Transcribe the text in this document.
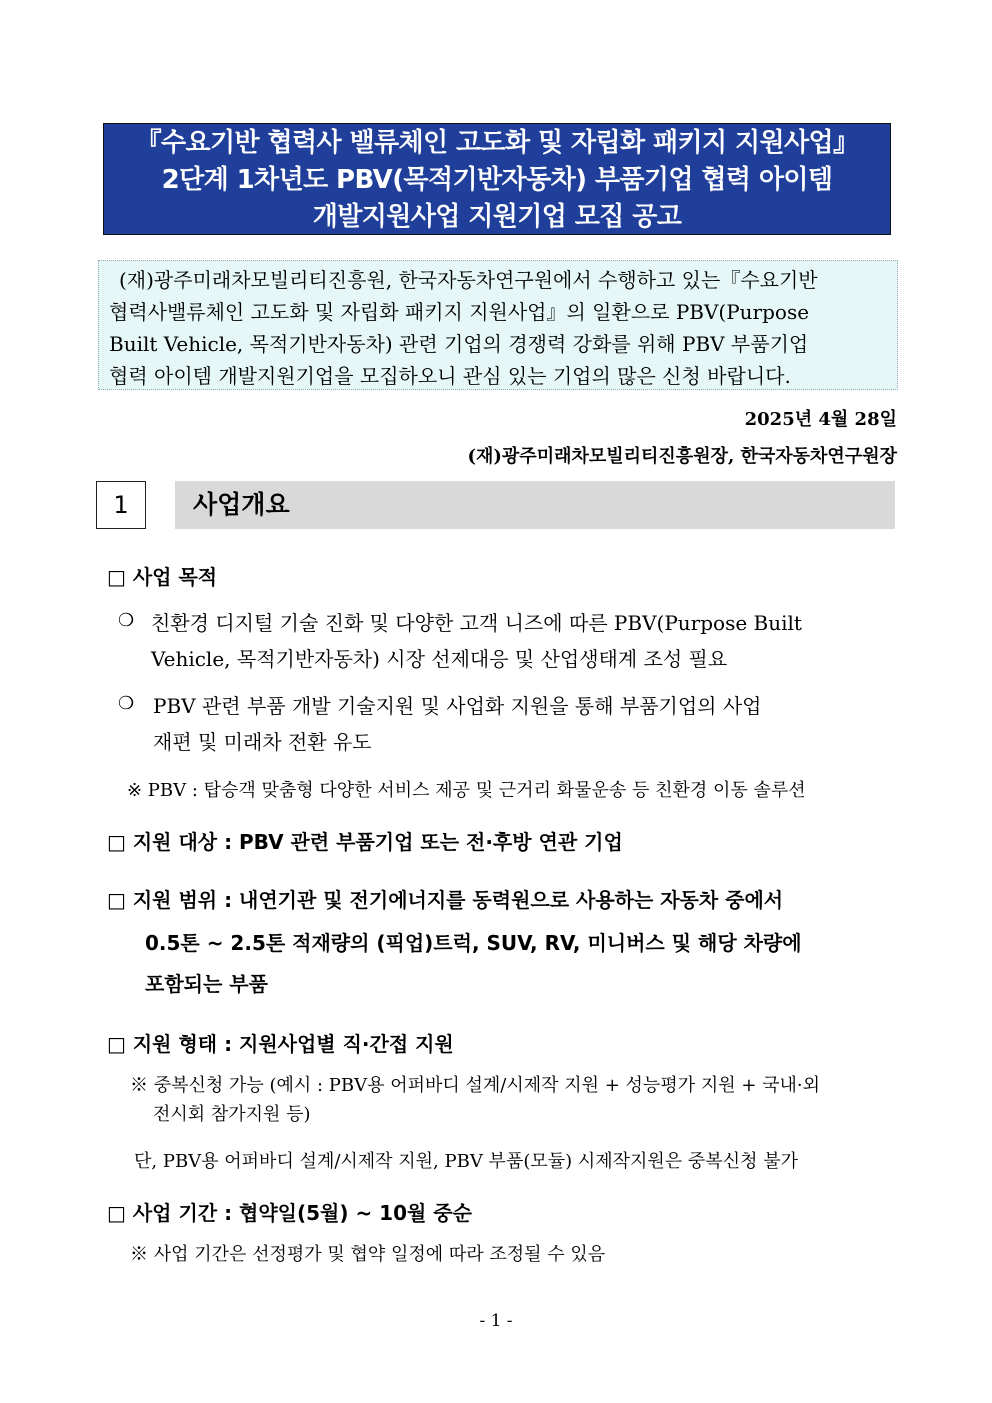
『수요기반 협력사 밸류체인 고도화 및 자립화 패키지 지원사업』
2단계 1차년도 PBV(목적기반자동차) 부품기업 협력 아이템
개발지원사업 지원기업 모집 공고
(재)광주미래차모빌리티진흥원, 한국자동차연구원에서 수행하고 있는『수요기반
협력사밸류체인 고도화 및 자립화 패키지 지원사업』의 일환으로 PBV(Purpose
Built Vehicle, 목적기반자동차) 관련 기업의 경쟁력 강화를 위해 PBV 부품기업
협력 아이템 개발지원기업을 모집하오니 관심 있는 기업의 많은 신청 바랍니다.
2025년 4월 28일
(재)광주미래차모빌리티진흥원장, 한국자동차연구원장
1	사업개요
□ 사업 목적
❍ 친환경 디지털 기술 진화 및 다양한 고객 니즈에 따른 PBV(Purpose Built
Vehicle, 목적기반자동차) 시장 선제대응 및 산업생태계 조성 필요
❍ PBV 관련 부품 개발 기술지원 및 사업화 지원을 통해 부품기업의 사업
재편 및 미래차 전환 유도
※ PBV : 탑승객 맞춤형 다양한 서비스 제공 및 근거리 화물운송 등 친환경 이동 솔루션
□ 지원 대상 : PBV 관련 부품기업 또는 전·후방 연관 기업
□ 지원 범위 : 내연기관 및 전기에너지를 동력원으로 사용하는 자동차 중에서
0.5톤 ~ 2.5톤 적재량의 (픽업)트럭, SUV, RV, 미니버스 및 해당 차량에
포함되는 부품
□ 지원 형태 : 지원사업별 직·간접 지원
※ 중복신청 가능 (예시 : PBV용 어퍼바디 설계/시제작 지원 + 성능평가 지원 + 국내·외
전시회 참가지원 등)
단, PBV용 어퍼바디 설계/시제작 지원, PBV 부품(모듈) 시제작지원은 중복신청 불가
□ 사업 기간 : 협약일(5월) ~ 10월 중순
※ 사업 기간은 선정평가 및 협약 일정에 따라 조정될 수 있음
- 1 -
